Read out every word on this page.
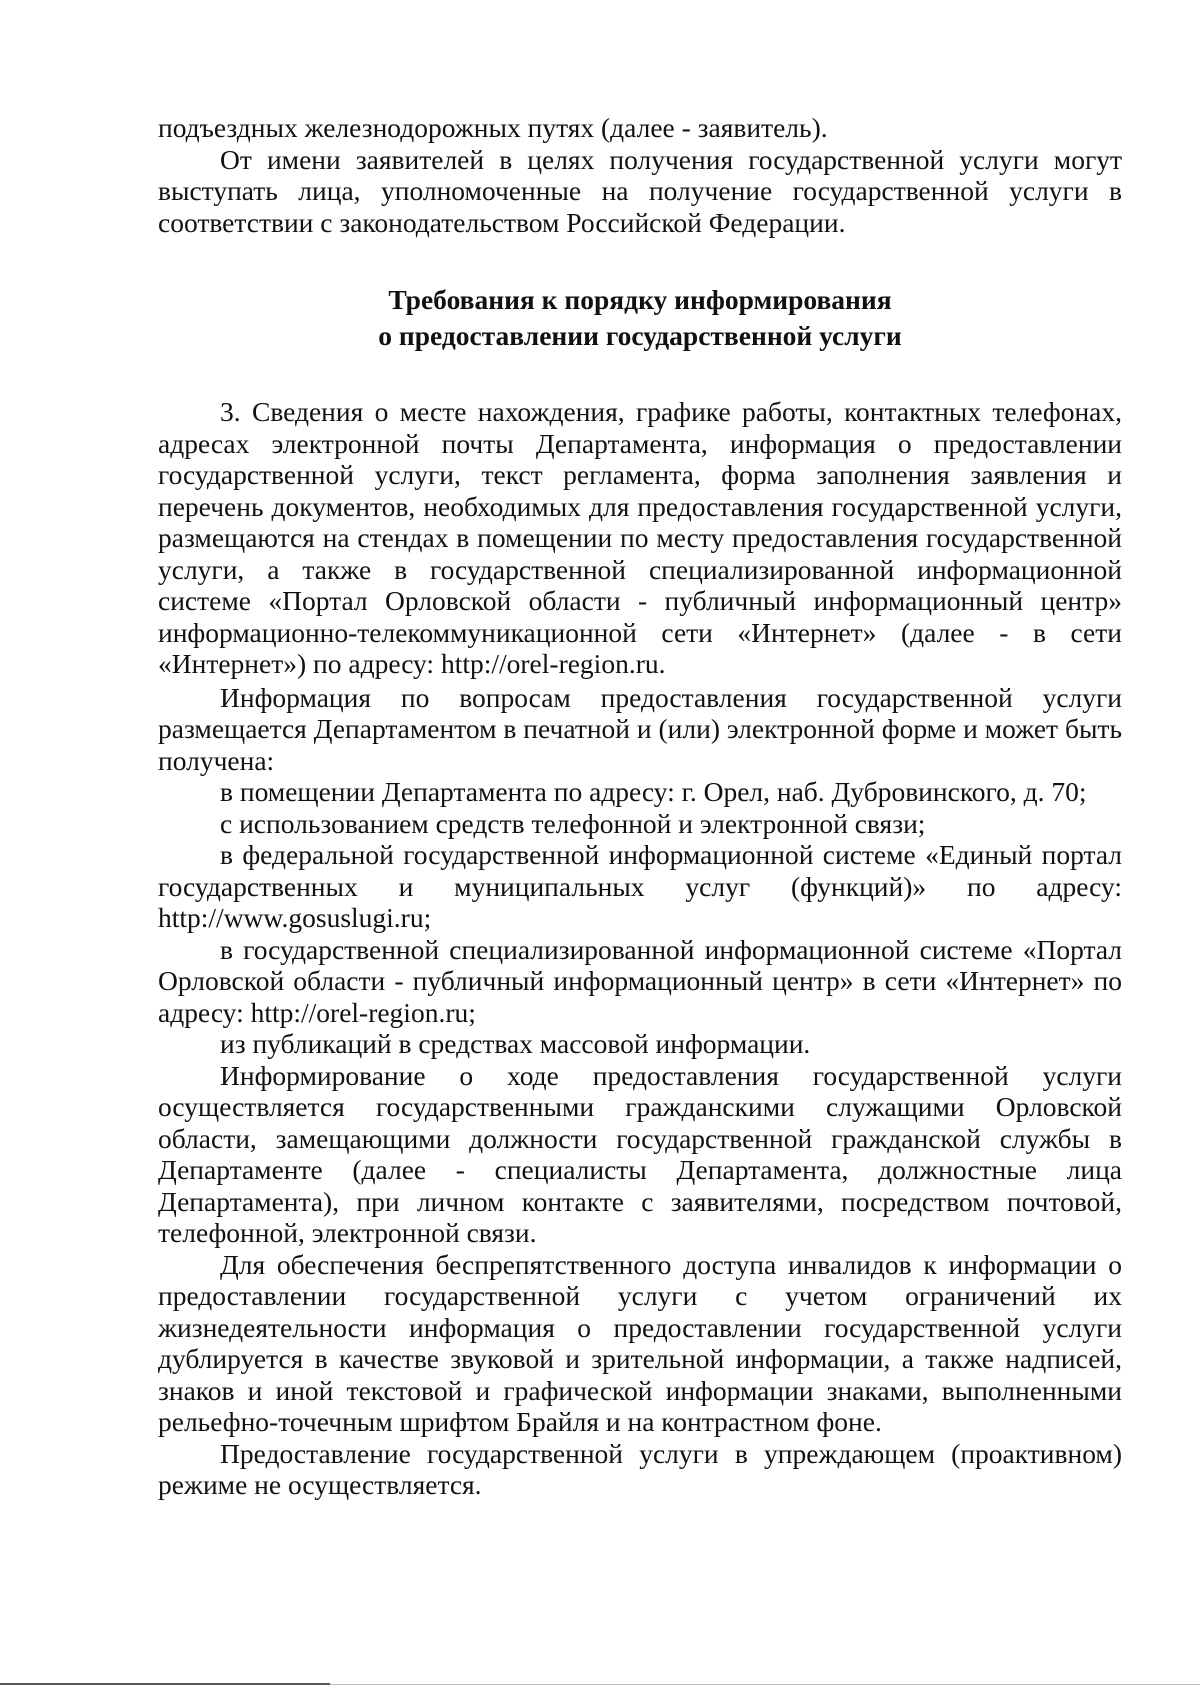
подъездных железнодорожных путях (далее - заявитель).

От имени заявителей в целях получения государственной услуги могут выступать лица, уполномоченные на получение государственной услуги в соответствии с законодательством Российской Федерации.

Требования к порядку информирования
о предоставлении государственной услуги

3. Сведения о месте нахождения, графике работы, контактных телефонах, адресах электронной почты Департамента, информация о предоставлении государственной услуги, текст регламента, форма заполнения заявления и перечень документов, необходимых для предоставления государственной услуги, размещаются на стендах в помещении по месту предоставления государственной услуги, а также в государственной специализированной информационной системе «Портал Орловской области - публичный информационный центр» информационно-телекоммуникационной сети «Интернет» (далее - в сети «Интернет») по адресу: http://orel-region.ru.

Информация по вопросам предоставления государственной услуги размещается Департаментом в печатной и (или) электронной форме и может быть получена:

в помещении Департамента по адресу: г. Орел, наб. Дубровинского, д. 70;

с использованием средств телефонной и электронной связи;

в федеральной государственной информационной системе «Единый портал государственных и муниципальных услуг (функций)» по адресу: http://www.gosuslugi.ru;

в государственной специализированной информационной системе «Портал Орловской области - публичный информационный центр» в сети «Интернет» по адресу: http://orel-region.ru;

из публикаций в средствах массовой информации.

Информирование о ходе предоставления государственной услуги осуществляется государственными гражданскими служащими Орловской области, замещающими должности государственной гражданской службы в Департаменте (далее - специалисты Департамента, должностные лица Департамента), при личном контакте с заявителями, посредством почтовой, телефонной, электронной связи.

Для обеспечения беспрепятственного доступа инвалидов к информации о предоставлении государственной услуги с учетом ограничений их жизнедеятельности информация о предоставлении государственной услуги дублируется в качестве звуковой и зрительной информации, а также надписей, знаков и иной текстовой и графической информации знаками, выполненными рельефно-точечным шрифтом Брайля и на контрастном фоне.

Предоставление государственной услуги в упреждающем (проактивном) режиме не осуществляется.
